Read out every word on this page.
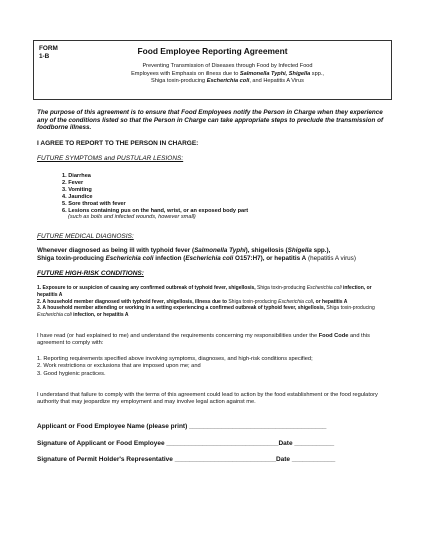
FORM
1-B
Food Employee Reporting Agreement
Preventing Transmission of Diseases through Food by Infected Food
Employees with Emphasis on illness due to Salmonella Typhi, Shigella spp.,
Shiga toxin-producing Escherichia coli, and Hepatitis A Virus
The purpose of this agreement is to ensure that Food Employees notify the Person in Charge when they experience any of the conditions listed so that the Person in Charge can take appropriate steps to preclude the transmission of foodborne illness.
I AGREE TO REPORT TO THE PERSON IN CHARGE:
FUTURE SYMPTOMS and PUSTULAR LESIONS:
1. Diarrhea
2. Fever
3. Vomiting
4. Jaundice
5. Sore throat with fever
6. Lesions containing pus on the hand, wrist, or an exposed body part
(such as boils and infected wounds, however small)
FUTURE MEDICAL DIAGNOSIS:
Whenever diagnosed as being ill with typhoid fever (Salmonella Typhi), shigellosis (Shigella spp.),
Shiga toxin-producing Escherichia coli infection (Escherichia coli O157:H7), or hepatitis A (hepatitis A virus)
FUTURE HIGH-RISK CONDITIONS:
1. Exposure to or suspicion of causing any confirmed outbreak of typhoid fever, shigellosis, Shiga toxin-producing Escherichia coli infection, or hepatitis A
2. A household member diagnosed with typhoid fever, shigellosis, illness due to Shiga toxin-producing Escherichia coli, or hepatitis A
3. A household member attending or working in a setting experiencing a confirmed outbreak of typhoid fever, shigellosis, Shiga toxin-producing Escherichia coli infection, or hepatitis A
I have read (or had explained to me) and understand the requirements concerning my responsibilities under the Food Code and this agreement to comply with:
1. Reporting requirements specified above involving symptoms, diagnoses, and high-risk conditions specified;
2. Work restrictions or exclusions that are imposed upon me; and
3. Good hygienic practices.
I understand that failure to comply with the terms of this agreement could lead to action by the food establishment or the food regulatory authority that may jeopardize my employment and may involve legal action against me.
Applicant or Food Employee Name (please print) ______________________________________
Signature of Applicant or Food Employee _______________________________Date ___________
Signature of Permit Holder's Representative ____________________________Date ____________
